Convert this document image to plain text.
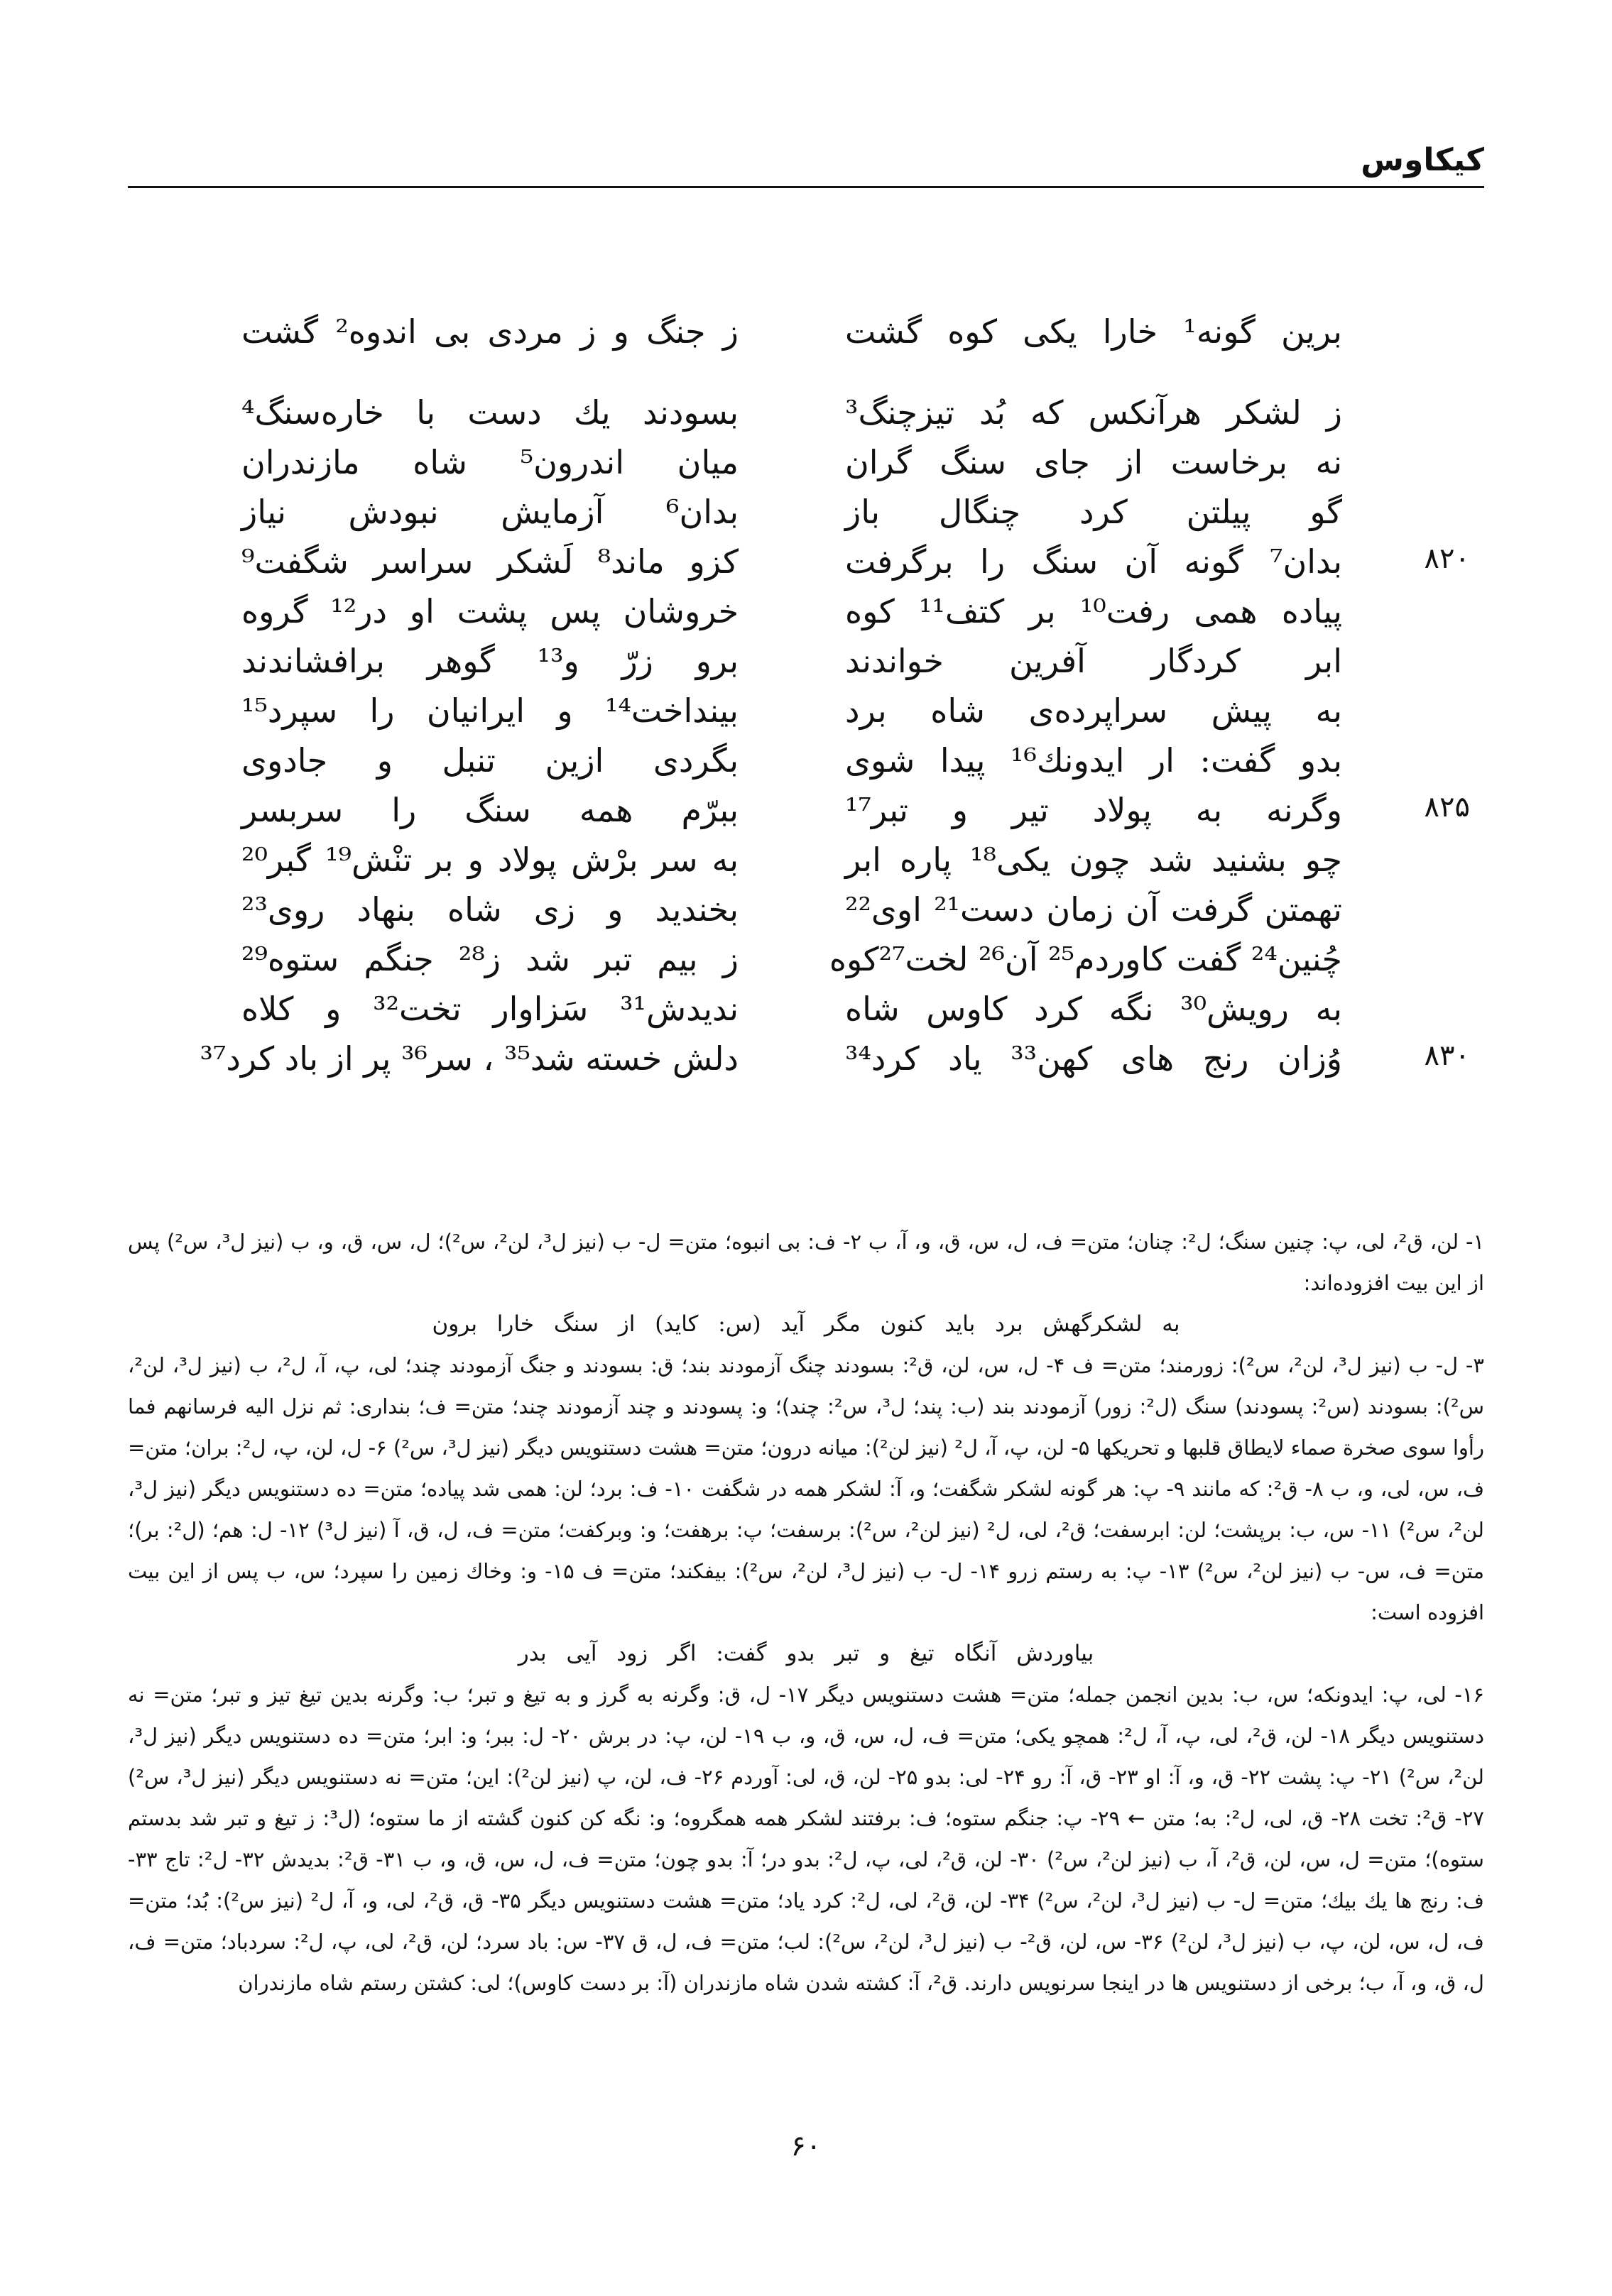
کیکاوس
برین گونه¹ خارا یکی کوه گشت
ز جنگ و ز مردی بی اندوه² گشت
ز لشکر هرآنکس که بُد تیزچنگ³
بسودند یك دست با خاره‌سنگ⁴
نه برخاست از جای سنگ گران
میان اندرون⁵ شاه مازندران
گو پیلتن کرد چنگال باز
بدان⁶ آزمایش نبودش نیاز
۸۲۰
بدان⁷ گونه آن سنگ را برگرفت
کزو ماند⁸ لَشکر سراسر شگفت⁹
پیاده همی رفت¹⁰ بر کتف¹¹ کوه
خروشان پس پشت او در¹² گروه
ابر کردگار آفرین خواندند
برو زرّ و¹³ گوهر برافشاندند
به پیش سراپرده‌ی شاه برد
بینداخت¹⁴ و ایرانیان را سپرد¹⁵
بدو گفت: ار ایدونك¹⁶ پیدا شوی
بگردی ازین تنبل و جادوی
۸۲۵
وگرنه به پولاد تیر و تبر¹⁷
ببرّم همه سنگ را سربسر
چو بشنید شد چون یکی¹⁸ پاره ابر
به سر برْش پولاد و بر تنْش¹⁹ گبر²⁰
تهمتن گرفت آن زمان دست²¹ اوی²²
بخندید و زی شاه بنهاد روی²³
چُنین²⁴ گفت کاوردم²⁵ آن²⁶ لخت²⁷کوه
ز بیم تبر شد ز²⁸ جنگم ستوه²⁹
به رویش³⁰ نگه کرد کاوس شاه
ندیدش³¹ سَزاوار تخت³² و کلاه
۸۳۰
وُزان رنج های کهن³³ یاد کرد³⁴
دلش خسته شد³⁵ ، سر³⁶ پر از باد کرد³⁷

۱- لن، ق²، لی، پ: چنین سنگ؛ ل²: چنان؛ متن= ف، ل، س، ق، و، آ، ب ۲- ف: بی انبوه؛ متن= ل- ب (نیز ل³، لن²، س²)؛ ل، س، ق، و، ب (نیز ل³، س²) پس از این بیت افزوده‌اند:

به لشکرگهش برد باید کنون مگر آید (س: کاید) از سنگ خارا برون

۳- ل- ب (نیز ل³، لن²، س²): زورمند؛ متن= ف ۴- ل، س، لن، ق²: بسودند چنگ آزمودند بند؛ ق: بسودند و جنگ آزمودند چند؛ لی، پ، آ، ل²، ب (نیز ل³، لن²، س²): بسودند (س²: پسودند) سنگ (ل²: زور) آزمودند بند (ب: پند؛ ل³، س²: چند)؛ و: پسودند و چند آزمودند چند؛ متن= ف؛ بنداری: ثم نزل الیه فرسانهم فما رأوا سوی صخرة صماء لایطاق قلبها و تحریکها ۵- لن، پ، آ، ل² (نیز لن²): میانه درون؛ متن= هشت دستنویس دیگر (نیز ل³، س²) ۶- ل، لن، پ، ل²: بران؛ متن= ف، س، لی، و، ب ۸- ق²: که مانند ۹- پ: هر گونه لشکر شگفت؛ و، آ: لشکر همه در شگفت ۱۰- ف: برد؛ لن: همی شد پیاده؛ متن= ده دستنویس دیگر (نیز ل³، لن²، س²) ۱۱- س، ب: برپشت؛ لن: ابرسفت؛ ق²، لی، ل² (نیز لن²، س²): برسفت؛ پ: برهفت؛ و: وبرکفت؛ متن= ف، ل، ق، آ (نیز ل³) ۱۲- ل: هم؛ (ل²: بر)؛ متن= ف، س- ب (نیز لن²، س²) ۱۳- پ: به رستم زرو ۱۴- ل- ب (نیز ل³، لن²، س²): بیفکند؛ متن= ف ۱۵- و: وخاك زمین را سپرد؛ س، ب پس از این بیت افزوده است:

بیاوردش آنگاه تیغ و تبر بدو گفت: اگر زود آیی بدر

۱۶- لی، پ: ایدونکه؛ س، ب: بدین انجمن جمله؛ متن= هشت دستنویس دیگر ۱۷- ل، ق: وگرنه به گرز و به تیغ و تبر؛ ب: وگرنه بدین تیغ تیز و تبر؛ متن= نه دستنویس دیگر ۱۸- لن، ق²، لی، پ، آ، ل²: همچو یکی؛ متن= ف، ل، س، ق، و، ب ۱۹- لن، پ: در برش ۲۰- ل: ببر؛ و: ابر؛ متن= ده دستنویس دیگر (نیز ل³، لن²، س²) ۲۱- پ: پشت ۲۲- ق، و، آ: او ۲۳- ق، آ: رو ۲۴- لی: بدو ۲۵- لن، ق، لی: آوردم ۲۶- ف، لن، پ (نیز لن²): این؛ متن= نه دستنویس دیگر (نیز ل³، س²) ۲۷- ق²: تخت ۲۸- ق، لی، ل²: به؛ متن ← ۲۹- پ: جنگم ستوه؛ ف: برفتند لشکر همه همگروه؛ و: نگه کن کنون گشته از ما ستوه؛ (ل³: ز تیغ و تبر شد بدستم ستوه)؛ متن= ل، س، لن، ق²، آ، ب (نیز لن²، س²) ۳۰- لن، ق²، لی، پ، ل²: بدو در؛ آ: بدو چون؛ متن= ف، ل، س، ق، و، ب ۳۱- ق²: بدیدش ۳۲- ل²: تاج ۳۳- ف: رنج ها یك بیك؛ متن= ل- ب (نیز ل³، لن²، س²) ۳۴- لن، ق²، لی، ل²: کرد یاد؛ متن= هشت دستنویس دیگر ۳۵- ق، ق²، لی، و، آ، ل² (نیز س²): بُد؛ متن= ف، ل، س، لن، پ، ب (نیز ل³، لن²) ۳۶- س، لن، ق²- ب (نیز ل³، لن²، س²): لب؛ متن= ف، ل، ق ۳۷- س: باد سرد؛ لن، ق²، لی، پ، ل²: سردباد؛ متن= ف، ل، ق، و، آ، ب؛ برخی از دستنویس ها در اینجا سرنویس دارند. ق²، آ: کشته شدن شاه مازندران (آ: بر دست کاوس)؛ لی: کشتن رستم شاه مازندران

۶۰
